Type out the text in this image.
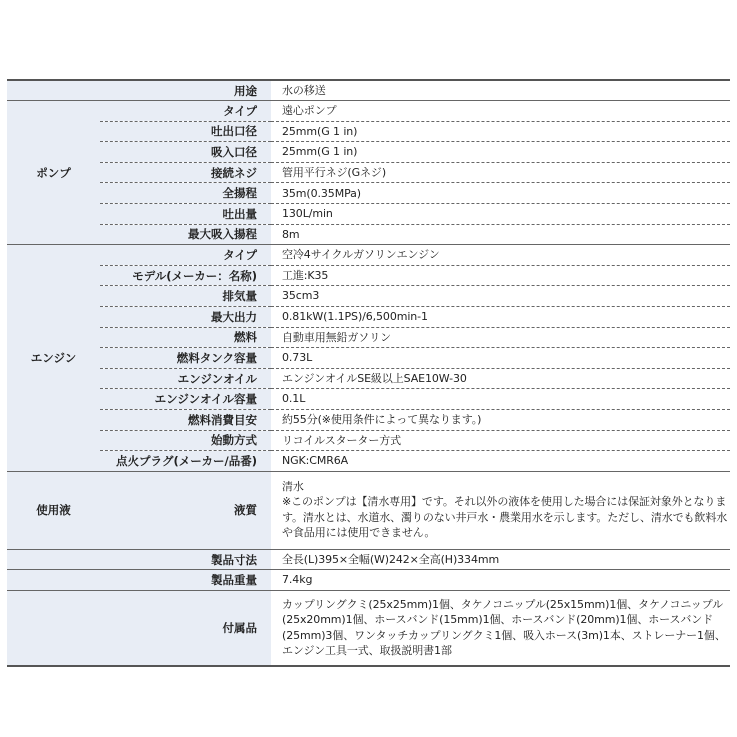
用途		水の移送
ポンプ	タイプ	遠心ポンプ
	吐出口径	25mm(G 1 in)
	吸入口径	25mm(G 1 in)
	接続ネジ	管用平行ネジ(Gネジ)
	全揚程	35m(0.35MPa)
	吐出量	130L/min
	最大吸入揚程	8m
エンジン	タイプ	空冷4サイクルガソリンエンジン
	モデル(メーカー：名称)	工進:K35
	排気量	35cm3
	最大出力	0.81kW(1.1PS)/6,500min-1
	燃料	自動車用無鉛ガソリン
	燃料タンク容量	0.73L
	エンジンオイル	エンジンオイルSE級以上SAE10W-30
	エンジンオイル容量	0.1L
	燃料消費目安	約55分(※使用条件によって異なります。)
	始動方式	リコイルスターター方式
	点火プラグ(メーカー/品番)	NGK:CMR6A
使用液	液質	清水
※このポンプは【清水専用】です。それ以外の液体を使用した場合には保証対象外となります。清水とは、水道水、濁りのない井戸水・農業用水を示します。ただし、清水でも飲料水や食品用には使用できません。

製品寸法		全長(L)395×全幅(W)242×全高(H)334mm
製品重量		7.4kg
付属品		カップリングクミ(25x25mm)1個、タケノコニップル(25x15mm)1個、タケノコニップル(25x20mm)1個、ホースバンド(15mm)1個、ホースバンド(20mm)1個、ホースバンド(25mm)3個、ワンタッチカップリングクミ1個、吸入ホース(3m)1本、ストレーナー1個、エンジン工具一式、取扱説明書1部
